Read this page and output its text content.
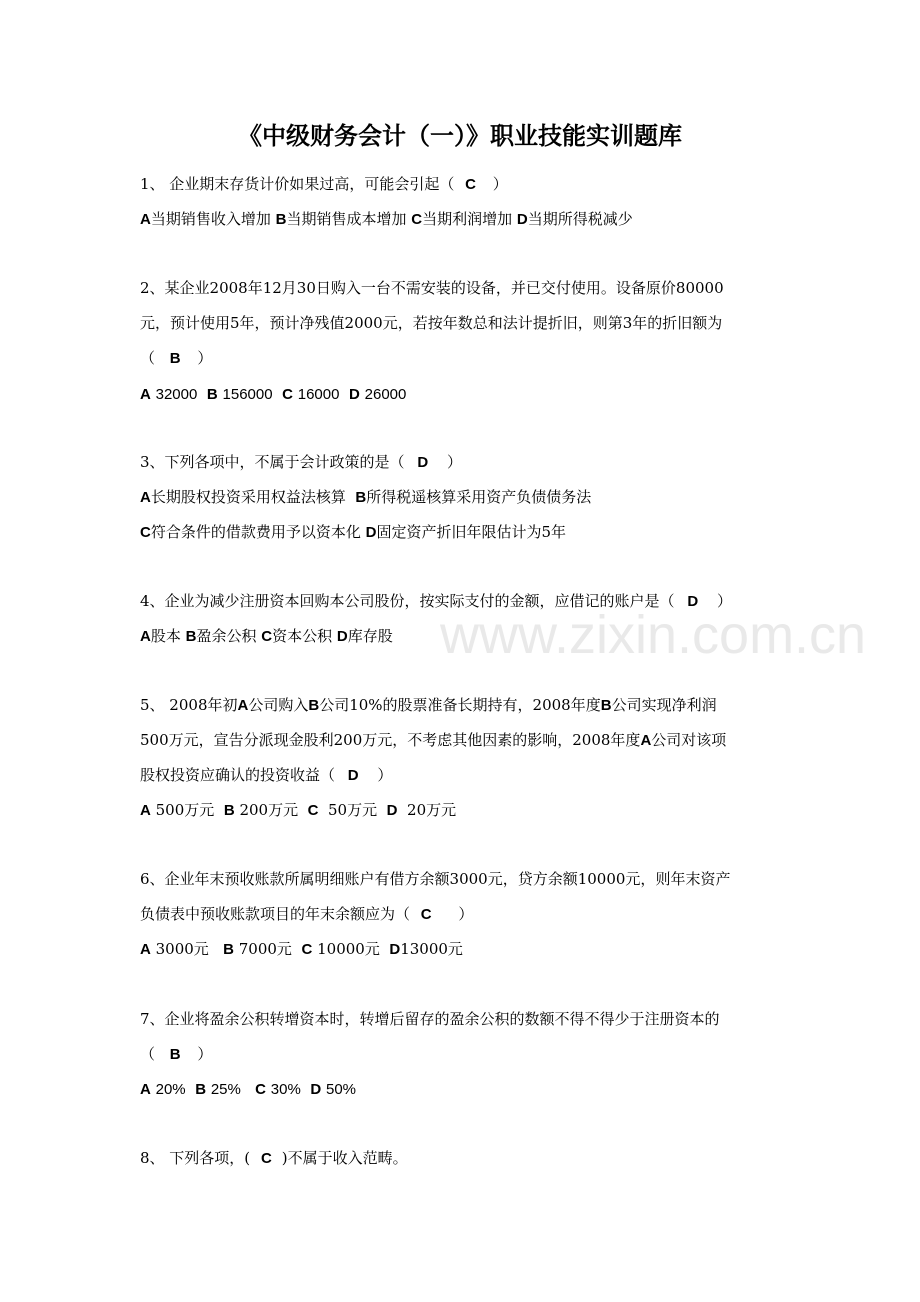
www.zixin.com.cn
《中级财务会计（一）》职业技能实训题库
1、 企业期末存货计价如果过高，可能会引起（ C ）
A当期销售收入增加 B当期销售成本增加 C当期利润增加 D当期所得税减少
2、某企业2008年12月30日购入一台不需安装的设备，并已交付使用。设备原价80000
元，预计使用5年，预计净残值2000元，若按年数总和法计提折旧，则第3年的折旧额为
（ B ）
A 32000 B 156000 C 16000 D 26000
3、下列各项中，不属于会计政策的是（ D ）
A长期股权投资采用权益法核算 B所得税遥核算采用资产负债债务法
C符合条件的借款费用予以资本化 D固定资产折旧年限估计为5年
4、企业为减少注册资本回购本公司股份，按实际支付的金额，应借记的账户是（ D ）
A股本 B盈余公积 C资本公积 D库存股
5、 2008年初A公司购入B公司10%的股票准备长期持有，2008年度B公司实现净利润
500万元，宣告分派现金股利200万元，不考虑其他因素的影响，2008年度A公司对该项
股权投资应确认的投资收益（ D ）
A 500万元 B 200万元 C 50万元 D 20万元
6、企业年末预收账款所属明细账户有借方余额3000元，贷方余额10000元，则年末资产
负债表中预收账款项目的年末余额应为（ C ）
A 3000元 B 7000元 C 10000元 D13000元
7、企业将盈余公积转增资本时，转增后留存的盈余公积的数额不得不得少于注册资本的
（ B ）
A 20% B 25% C 30% D 50%
8、 下列各项，( C )不属于收入范畴。
